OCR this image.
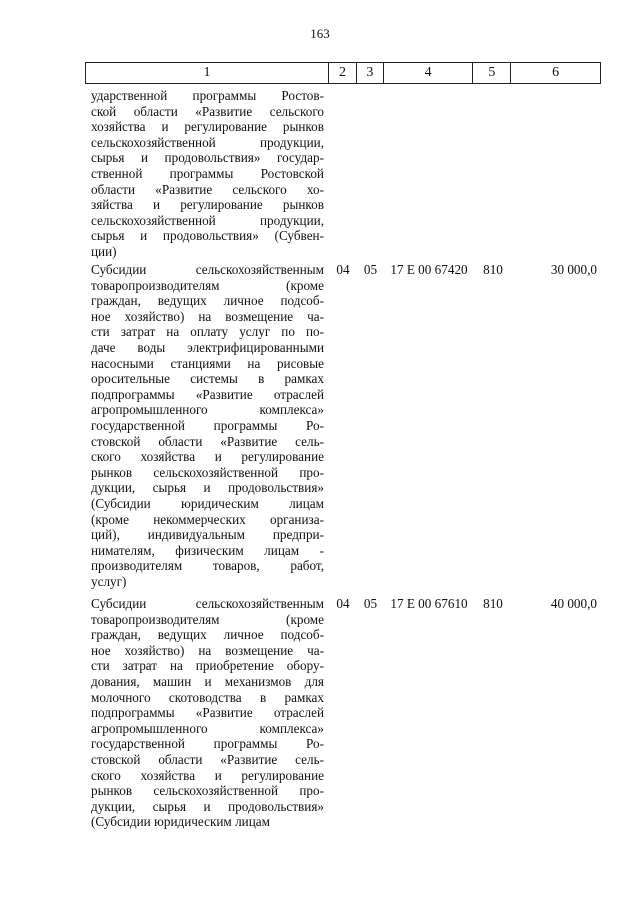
163
1	2	3	4	5	6
ударственной программы Ростов-
ской области «Развитие сельского
хозяйства и регулирование рынков
сельскохозяйственной продукции,
сырья и продовольствия» государ-
ственной программы Ростовской
области «Развитие сельского хо-
зяйства и регулирование рынков
сельскохозяйственной продукции,
сырья и продовольствия» (Субвен-
ции)
Субсидии сельскохозяйственным
товаропроизводителям (кроме
граждан, ведущих личное подсоб-
ное хозяйство) на возмещение ча-
сти затрат на оплату услуг по по-
даче воды электрифицированными
насосными станциями на рисовые
оросительные системы в рамках
подпрограммы «Развитие отраслей
агропромышленного комплекса»
государственной программы Ро-
стовской области «Развитие сель-
ского хозяйства и регулирование
рынков сельскохозяйственной про-
дукции, сырья и продовольствия»
(Субсидии юридическим лицам
(кроме некоммерческих организа-
ций), индивидуальным предпри-
нимателям, физическим лицам -
производителям товаров, работ,
услуг)
04	05	17 Е 00 67420	810	30 000,0
Субсидии сельскохозяйственным
товаропроизводителям (кроме
граждан, ведущих личное подсоб-
ное хозяйство) на возмещение ча-
сти затрат на приобретение обору-
дования, машин и механизмов для
молочного скотоводства в рамках
подпрограммы «Развитие отраслей
агропромышленного комплекса»
государственной программы Ро-
стовской области «Развитие сель-
ского хозяйства и регулирование
рынков сельскохозяйственной про-
дукции, сырья и продовольствия»
(Субсидии юридическим лицам
04	05	17 Е 00 67610	810	40 000,0
